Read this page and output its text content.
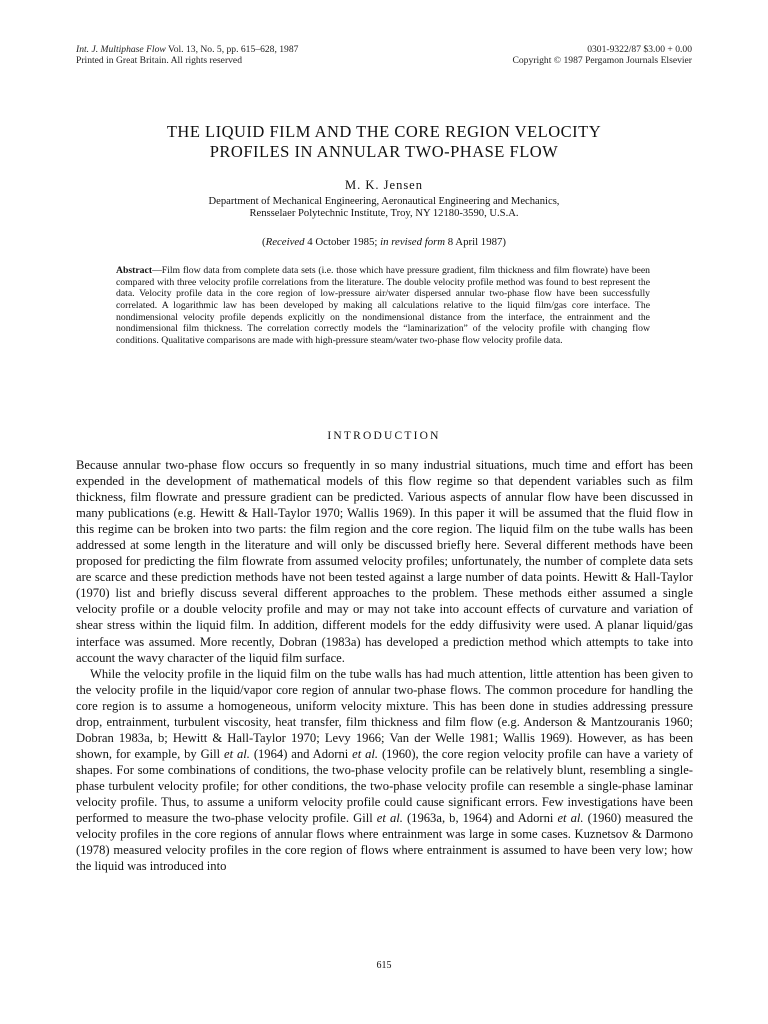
Int. J. Multiphase Flow Vol. 13, No. 5, pp. 615–628, 1987
Printed in Great Britain. All rights reserved
0301-9322/87 $3.00 + 0.00
Copyright © 1987 Pergamon Journals Elsevier
THE LIQUID FILM AND THE CORE REGION VELOCITY
PROFILES IN ANNULAR TWO-PHASE FLOW
M. K. Jensen
Department of Mechanical Engineering, Aeronautical Engineering and Mechanics,
Rensselaer Polytechnic Institute, Troy, NY 12180-3590, U.S.A.
(Received 4 October 1985; in revised form 8 April 1987)
Abstract—Film flow data from complete data sets (i.e. those which have pressure gradient, film thickness and film flowrate) have been compared with three velocity profile correlations from the literature. The double velocity profile method was found to best represent the data. Velocity profile data in the core region of low-pressure air/water dispersed annular two-phase flow have been successfully correlated. A logarithmic law has been developed by making all calculations relative to the liquid film/gas core interface. The nondimensional velocity profile depends explicitly on the nondimensional distance from the interface, the entrainment and the nondimensional film thickness. The correlation correctly models the “laminarization” of the velocity profile with changing flow conditions. Qualitative comparisons are made with high-pressure steam/water two-phase flow velocity profile data.
INTRODUCTION

Because annular two-phase flow occurs so frequently in so many industrial situations, much time and effort has been expended in the development of mathematical models of this flow regime so that dependent variables such as film thickness, film flowrate and pressure gradient can be predicted. Various aspects of annular flow have been discussed in many publications (e.g. Hewitt & Hall-Taylor 1970; Wallis 1969). In this paper it will be assumed that the fluid flow in this regime can be broken into two parts: the film region and the core region. The liquid film on the tube walls has been addressed at some length in the literature and will only be discussed briefly here. Several different methods have been proposed for predicting the film flowrate from assumed velocity profiles; unfortunately, the number of complete data sets are scarce and these prediction methods have not been tested against a large number of data points. Hewitt & Hall-Taylor (1970) list and briefly discuss several different approaches to the problem. These methods either assumed a single velocity profile or a double velocity profile and may or may not take into account effects of curvature and variation of shear stress within the liquid film. In addition, different models for the eddy diffusivity were used. A planar liquid/gas interface was assumed. More recently, Dobran (1983a) has developed a prediction method which attempts to take into account the wavy character of the liquid film surface.

While the velocity profile in the liquid film on the tube walls has had much attention, little attention has been given to the velocity profile in the liquid/vapor core region of annular two-phase flows. The common procedure for handling the core region is to assume a homogeneous, uniform velocity mixture. This has been done in studies addressing pressure drop, entrainment, turbulent viscosity, heat transfer, film thickness and film flow (e.g. Anderson & Mantzouranis 1960; Dobran 1983a, b; Hewitt & Hall-Taylor 1970; Levy 1966; Van der Welle 1981; Wallis 1969). However, as has been shown, for example, by Gill et al. (1964) and Adorni et al. (1960), the core region velocity profile can have a variety of shapes. For some combinations of conditions, the two-phase velocity profile can be relatively blunt, resembling a single-phase turbulent velocity profile; for other conditions, the two-phase velocity profile can resemble a single-phase laminar velocity profile. Thus, to assume a uniform velocity profile could cause significant errors. Few investigations have been performed to measure the two-phase velocity profile. Gill et al. (1963a, b, 1964) and Adorni et al. (1960) measured the velocity profiles in the core regions of annular flows where entrainment was large in some cases. Kuznetsov & Darmono (1978) measured velocity profiles in the core region of flows where entrainment is assumed to have been very low; how the liquid was introduced into

615
